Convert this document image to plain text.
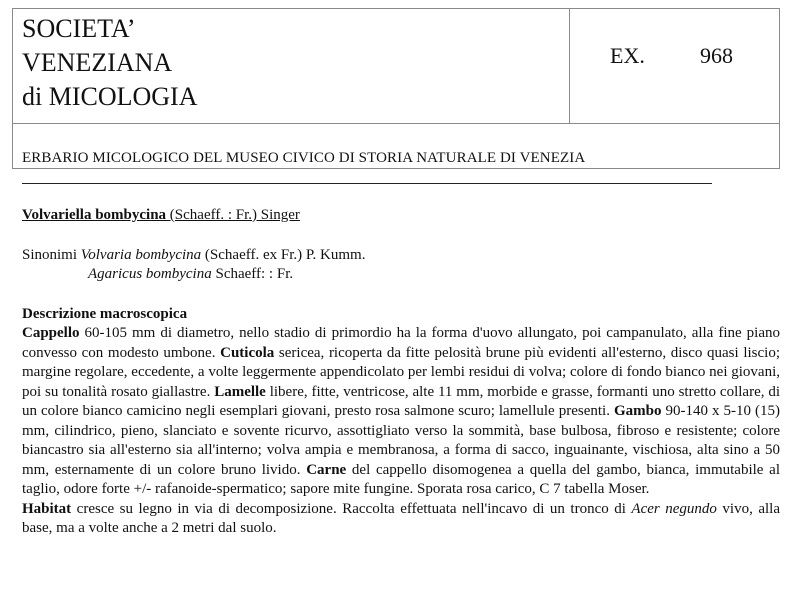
SOCIETA’
VENEZIANA
di MICOLOGIA
EX.	968
ERBARIO MICOLOGICO DEL MUSEO CIVICO DI STORIA NATURALE DI VENEZIA
Volvariella bombycina (Schaeff. : Fr.) Singer
Sinonimi Volvaria bombycina (Schaeff. ex Fr.) P. Kumm.
Agaricus bombycina Schaeff: : Fr.
Descrizione macroscopica
Cappello 60-105 mm di diametro, nello stadio di primordio ha la forma d'uovo allungato, poi campanulato, alla fine piano convesso con modesto umbone. Cuticola sericea, ricoperta da fitte pelosità brune più evidenti all'esterno, disco quasi liscio; margine regolare, eccedente, a volte leggermente appendicolato per lembi residui di volva; colore di fondo bianco nei giovani, poi su tonalità rosato giallastre. Lamelle libere, fitte, ventricose, alte 11 mm, morbide e grasse, formanti uno stretto collare, di un colore bianco camicino negli esemplari giovani, presto rosa salmone scuro; lamellule presenti. Gambo 90-140 x 5-10 (15) mm, cilindrico, pieno, slanciato e sovente ricurvo, assottigliato verso la sommità, base bulbosa, fibroso e resistente; colore biancastro sia all'esterno sia all'interno; volva ampia e membranosa, a forma di sacco, inguainante, vischiosa, alta sino a 50 mm, esternamente di un colore bruno livido. Carne del cappello disomogenea a quella del gambo, bianca, immutabile al taglio, odore forte +/- rafanoide-spermatico; sapore mite fungine. Sporata rosa carico, C 7 tabella Moser.
Habitat cresce su legno in via di decomposizione. Raccolta effettuata nell'incavo di un tronco di Acer negundo vivo, alla base, ma a volte anche a 2 metri dal suolo.
